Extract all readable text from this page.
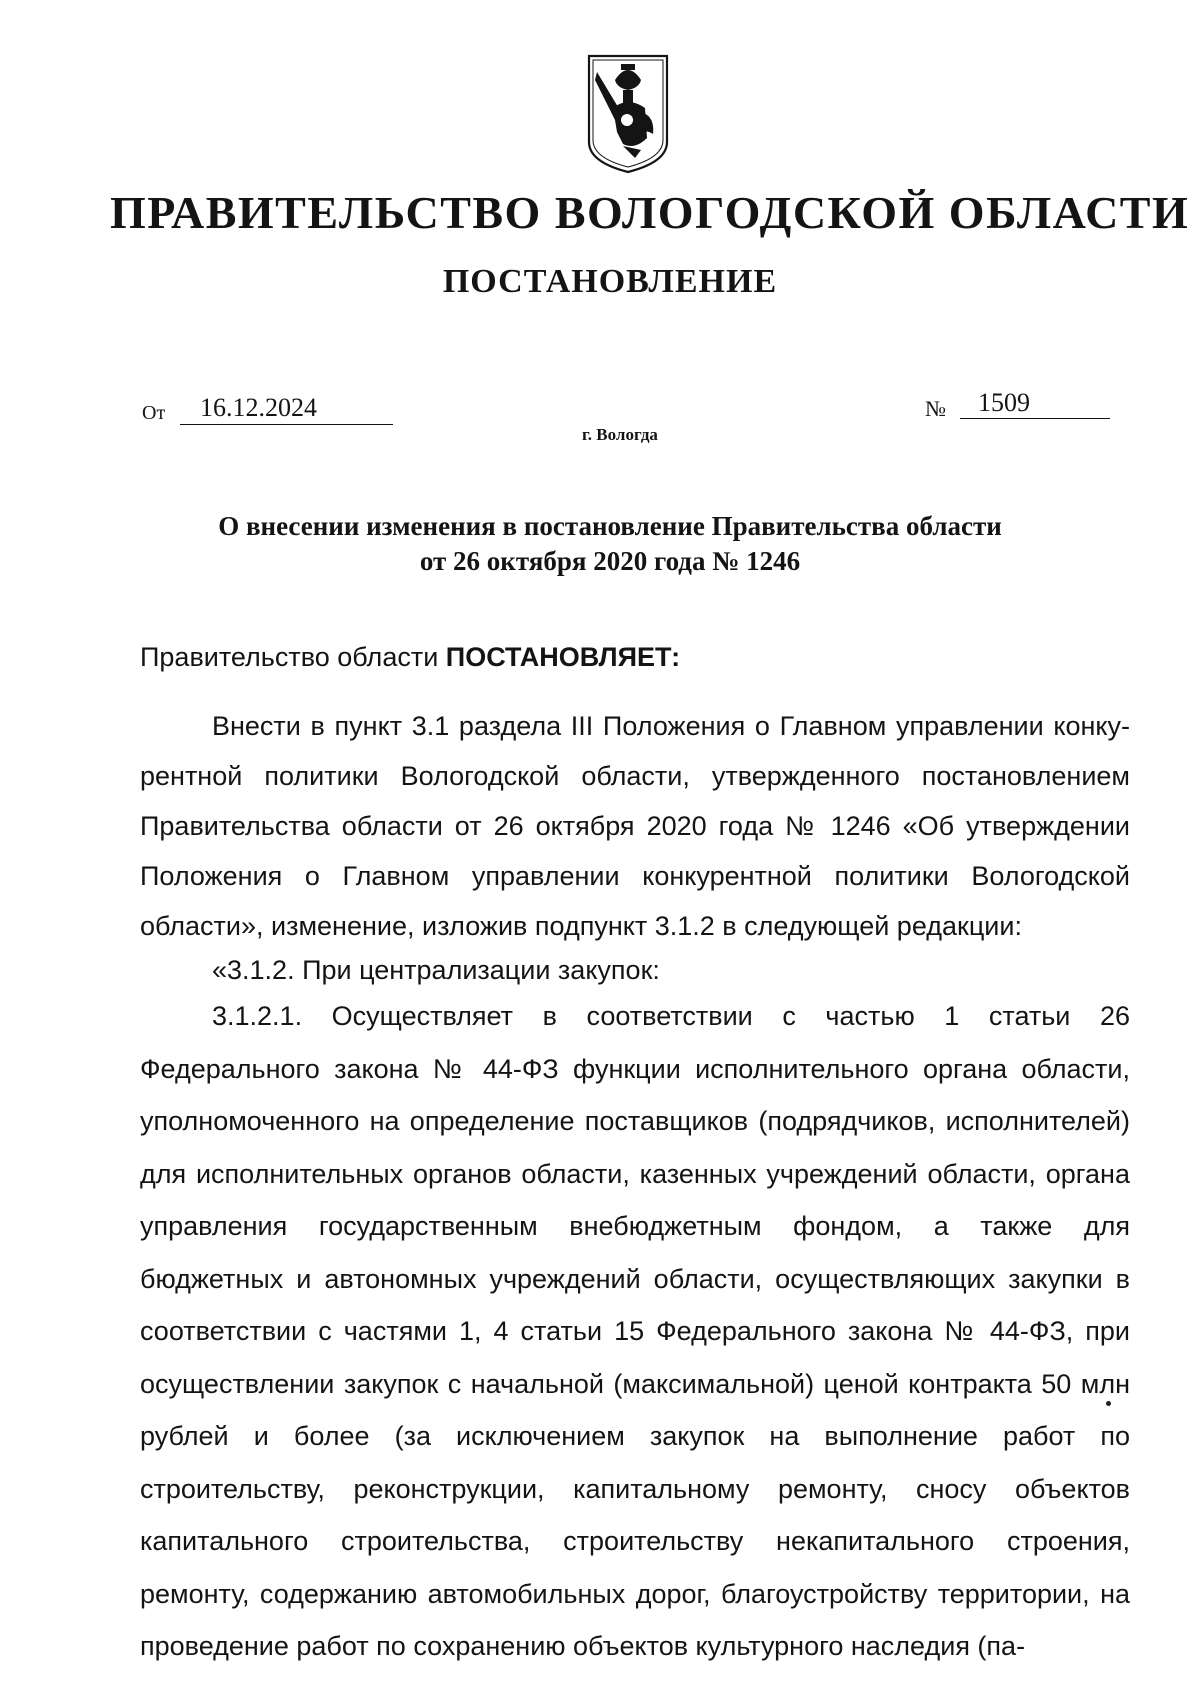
ПРАВИТЕЛЬСТВО ВОЛОГОДСКОЙ ОБЛАСТИ
ПОСТАНОВЛЕНИЕ
От 16.12.2024	№ 1509
г. Вологда
О внесении изменения в постановление Правительства области
от 26 октября 2020 года № 1246
Правительство области ПОСТАНОВЛЯЕТ:
Внести в пункт 3.1 раздела III Положения о Главном управлении конкурентной политики Вологодской области, утвержденного постановлением Правительства области от 26 октября 2020 года № 1246 «Об утверждении Положения о Главном управлении конкурентной политики Вологодской области», изменение, изложив подпункт 3.1.2 в следующей редакции:
«3.1.2. При централизации закупок:
3.1.2.1. Осуществляет в соответствии с частью 1 статьи 26 Федерального закона № 44-ФЗ функции исполнительного органа области, уполномоченного на определение поставщиков (подрядчиков, исполнителей) для исполнительных органов области, казенных учреждений области, органа управления государственным внебюджетным фондом, а также для бюджетных и автономных учреждений области, осуществляющих закупки в соответствии с частями 1, 4 статьи 15 Федерального закона № 44-ФЗ, при осуществлении закупок с начальной (максимальной) ценой контракта 50 млн рублей и более (за исключением закупок на выполнение работ по строительству, реконструкции, капитальному ремонту, сносу объектов капитального строительства, строительству некапитального строения, ремонту, содержанию автомобильных дорог, благоустройству территории, на проведение работ по сохранению объектов культурного наследия (па-
